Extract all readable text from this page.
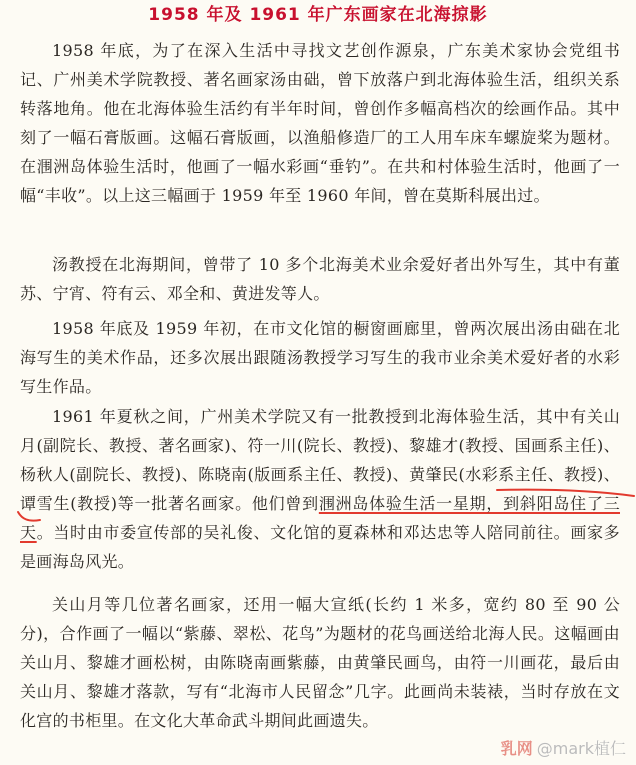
1958 年及 1961 年广东画家在北海掠影

1958 年底，为了在深入生活中寻找文艺创作源泉，广东美术家协会党组书记、广州美术学院教授、著名画家汤由础，曾下放落户到北海体验生活，组织关系转落地角。他在北海体验生活约有半年时间，曾创作多幅高档次的绘画作品。其中刻了一幅石膏版画。这幅石膏版画，以渔船修造厂的工人用车床车螺旋桨为题材。在涠洲岛体验生活时，他画了一幅水彩画“垂钓”。在共和村体验生活时，他画了一幅“丰收”。以上这三幅画于 1959 年至 1960 年间，曾在莫斯科展出过。

汤教授在北海期间，曾带了 10 多个北海美术业余爱好者出外写生，其中有董苏、宁宵、符有云、邓全和、黄进发等人。

1958 年底及 1959 年初，在市文化馆的橱窗画廊里，曾两次展出汤由础在北海写生的美术作品，还多次展出跟随汤教授学习写生的我市业余美术爱好者的水彩写生作品。

1961 年夏秋之间，广州美术学院又有一批教授到北海体验生活，其中有关山月(副院长、教授、著名画家)、符一川(院长、教授)、黎雄才(教授、国画系主任)、杨秋人(副院长、教授)、陈晓南(版画系主任、教授)、黄肇民(水彩系主任、教授)、谭雪生(教授)等一批著名画家。他们曾到涠洲岛体验生活一星期，到斜阳岛住了三天。当时由市委宣传部的吴礼俊、文化馆的夏森林和邓达忠等人陪同前往。画家多是画海岛风光。

关山月等几位著名画家，还用一幅大宣纸(长约 1 米多，宽约 80 至 90 公分)，合作画了一幅以“紫藤、翠松、花鸟”为题材的花鸟画送给北海人民。这幅画由关山月、黎雄才画松树，由陈晓南画紫藤，由黄肇民画鸟，由符一川画花，最后由关山月、黎雄才落款，写有“北海市人民留念”几字。此画尚未装裱，当时存放在文化宫的书柜里。在文化大革命武斗期间此画遗失。

乳网 @mark植仁
